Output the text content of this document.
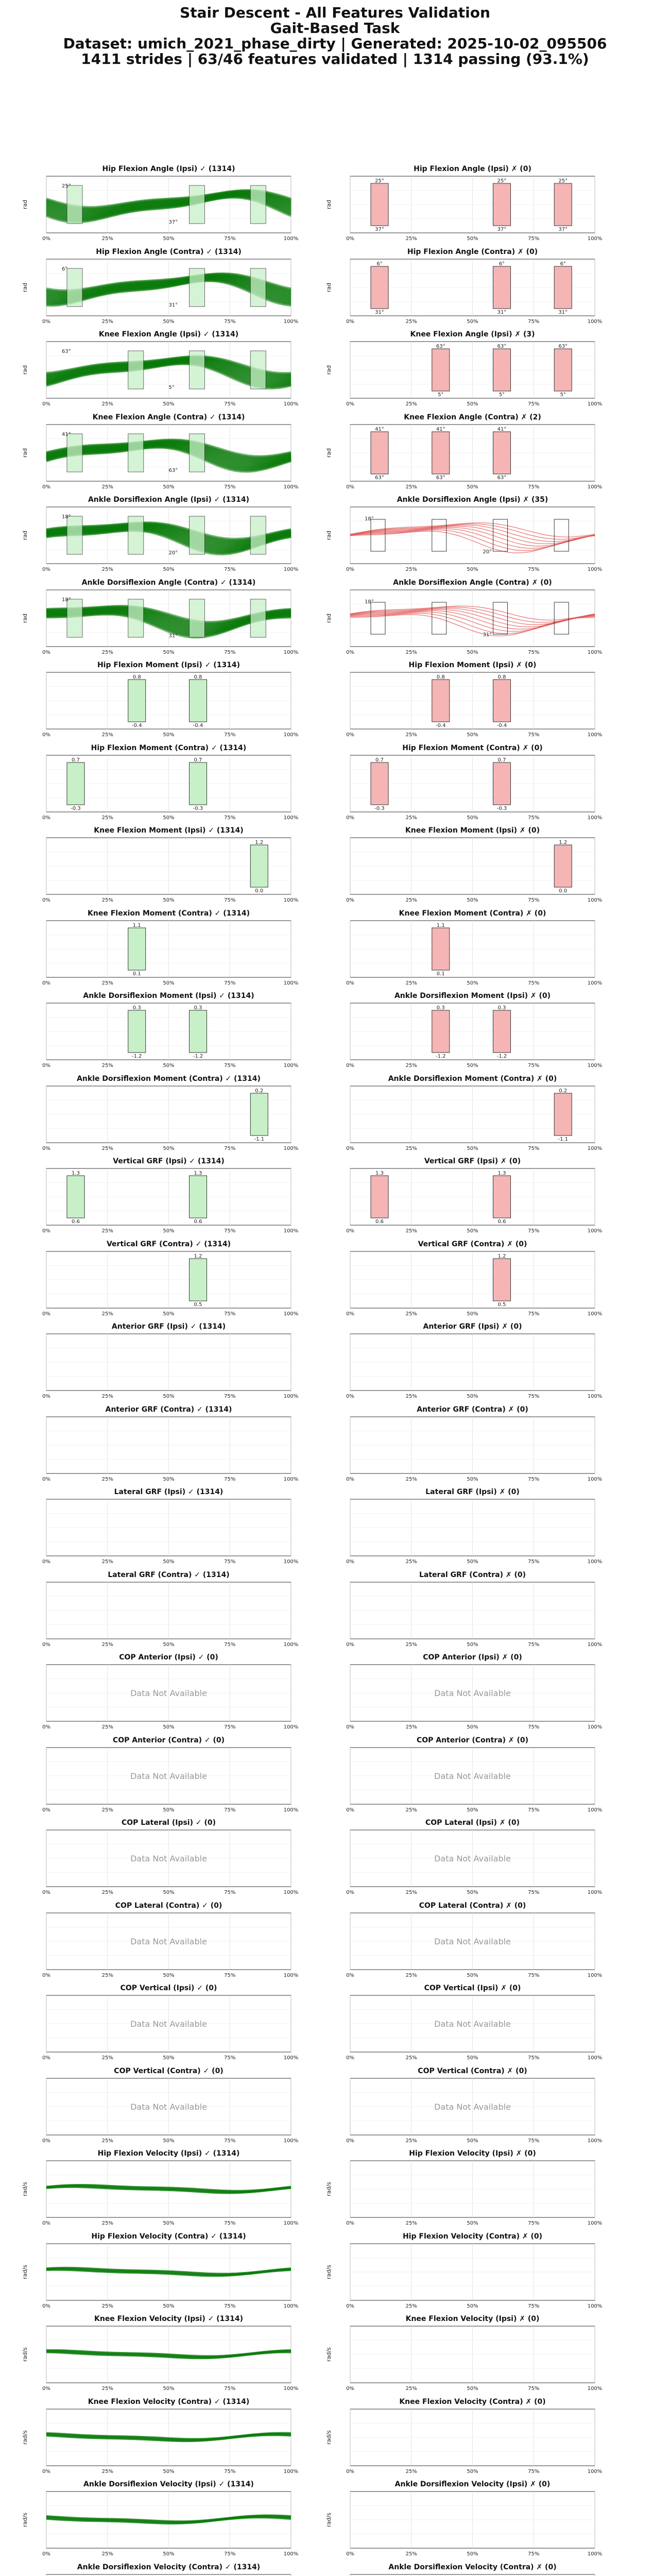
Stair Descent - All Features Validation
Gait-Based Task
Dataset: umich_2021_phase_dirty | Generated: 2025-10-02_095506
1411 strides | 63/46 features validated | 1314 passing (93.1%)
Hip Flexion Angle (Ipsi) ✓ (1314)
0%	25%	50%	75%	100%
rad
25°
37°
Hip Flexion Angle (Ipsi) ✗ (0)
0%	25%	50%	75%	100%
rad
25°
37°
25°
37°
25°
37°
Hip Flexion Angle (Contra) ✓ (1314)
0%	25%	50%	75%	100%
rad
6°
31°
Hip Flexion Angle (Contra) ✗ (0)
0%	25%	50%	75%	100%
rad
6°
31°
6°
31°
6°
31°
Knee Flexion Angle (Ipsi) ✓ (1314)
0%	25%	50%	75%	100%
rad
63°
5°
Knee Flexion Angle (Ipsi) ✗ (3)
0%	25%	50%	75%	100%
rad
63°
5°
63°
5°
63°
5°
Knee Flexion Angle (Contra) ✓ (1314)
0%	25%	50%	75%	100%
rad
41°
63°
Knee Flexion Angle (Contra) ✗ (2)
0%	25%	50%	75%	100%
rad
41°
63°
41°
63°
41°
63°
Ankle Dorsiflexion Angle (Ipsi) ✓ (1314)
0%	25%	50%	75%	100%
rad
18°
20°
Ankle Dorsiflexion Angle (Ipsi) ✗ (35)
0%	25%	50%	75%	100%
rad
18°
20°
Ankle Dorsiflexion Angle (Contra) ✓ (1314)
0%	25%	50%	75%	100%
rad
18°
31°
Ankle Dorsiflexion Angle (Contra) ✗ (0)
0%	25%	50%	75%	100%
rad
18°
31°
Hip Flexion Moment (Ipsi) ✓ (1314)
0%	25%	50%	75%	100%
0.8
-0.4
0.8
-0.4
Hip Flexion Moment (Ipsi) ✗ (0)
0%	25%	50%	75%	100%
0.8
-0.4
0.8
-0.4
Hip Flexion Moment (Contra) ✓ (1314)
0%	25%	50%	75%	100%
0.7
-0.3
0.7
-0.3
Hip Flexion Moment (Contra) ✗ (0)
0%	25%	50%	75%	100%
0.7
-0.3
0.7
-0.3
Knee Flexion Moment (Ipsi) ✓ (1314)
0%	25%	50%	75%	100%
1.2
0.0
Knee Flexion Moment (Ipsi) ✗ (0)
0%	25%	50%	75%	100%
1.2
0.0
Knee Flexion Moment (Contra) ✓ (1314)
0%	25%	50%	75%	100%
1.1
0.1
Knee Flexion Moment (Contra) ✗ (0)
0%	25%	50%	75%	100%
1.1
0.1
Ankle Dorsiflexion Moment (Ipsi) ✓ (1314)
0%	25%	50%	75%	100%
0.3
-1.2
0.3
-1.2
Ankle Dorsiflexion Moment (Ipsi) ✗ (0)
0%	25%	50%	75%	100%
0.3
-1.2
0.3
-1.2
Ankle Dorsiflexion Moment (Contra) ✓ (1314)
0%	25%	50%	75%	100%
0.2
-1.1
Ankle Dorsiflexion Moment (Contra) ✗ (0)
0%	25%	50%	75%	100%
0.2
-1.1
Vertical GRF (Ipsi) ✓ (1314)
0%	25%	50%	75%	100%
1.3
0.6
1.3
0.6
Vertical GRF (Ipsi) ✗ (0)
0%	25%	50%	75%	100%
1.3
0.6
1.3
0.6
Vertical GRF (Contra) ✓ (1314)
0%	25%	50%	75%	100%
1.2
0.5
Vertical GRF (Contra) ✗ (0)
0%	25%	50%	75%	100%
1.2
0.5
Anterior GRF (Ipsi) ✓ (1314)
0%	25%	50%	75%	100%
Anterior GRF (Ipsi) ✗ (0)
0%	25%	50%	75%	100%
Anterior GRF (Contra) ✓ (1314)
0%	25%	50%	75%	100%
Anterior GRF (Contra) ✗ (0)
0%	25%	50%	75%	100%
Lateral GRF (Ipsi) ✓ (1314)
0%	25%	50%	75%	100%
Lateral GRF (Ipsi) ✗ (0)
0%	25%	50%	75%	100%
Lateral GRF (Contra) ✓ (1314)
0%	25%	50%	75%	100%
Lateral GRF (Contra) ✗ (0)
0%	25%	50%	75%	100%
COP Anterior (Ipsi) ✓ (0)
0%	25%	50%	75%	100%
Data Not Available
COP Anterior (Ipsi) ✗ (0)
0%	25%	50%	75%	100%
Data Not Available
COP Anterior (Contra) ✓ (0)
0%	25%	50%	75%	100%
Data Not Available
COP Anterior (Contra) ✗ (0)
0%	25%	50%	75%	100%
Data Not Available
COP Lateral (Ipsi) ✓ (0)
0%	25%	50%	75%	100%
Data Not Available
COP Lateral (Ipsi) ✗ (0)
0%	25%	50%	75%	100%
Data Not Available
COP Lateral (Contra) ✓ (0)
0%	25%	50%	75%	100%
Data Not Available
COP Lateral (Contra) ✗ (0)
0%	25%	50%	75%	100%
Data Not Available
COP Vertical (Ipsi) ✓ (0)
0%	25%	50%	75%	100%
Data Not Available
COP Vertical (Ipsi) ✗ (0)
0%	25%	50%	75%	100%
Data Not Available
COP Vertical (Contra) ✓ (0)
0%	25%	50%	75%	100%
Data Not Available
COP Vertical (Contra) ✗ (0)
0%	25%	50%	75%	100%
Data Not Available
Hip Flexion Velocity (Ipsi) ✓ (1314)
0%	25%	50%	75%	100%
rad/s
Hip Flexion Velocity (Ipsi) ✗ (0)
0%	25%	50%	75%	100%
rad/s
Hip Flexion Velocity (Contra) ✓ (1314)
0%	25%	50%	75%	100%
rad/s
Hip Flexion Velocity (Contra) ✗ (0)
0%	25%	50%	75%	100%
rad/s
Knee Flexion Velocity (Ipsi) ✓ (1314)
0%	25%	50%	75%	100%
rad/s
Knee Flexion Velocity (Ipsi) ✗ (0)
0%	25%	50%	75%	100%
rad/s
Knee Flexion Velocity (Contra) ✓ (1314)
0%	25%	50%	75%	100%
rad/s
Knee Flexion Velocity (Contra) ✗ (0)
0%	25%	50%	75%	100%
rad/s
Ankle Dorsiflexion Velocity (Ipsi) ✓ (1314)
0%	25%	50%	75%	100%
rad/s
Ankle Dorsiflexion Velocity (Ipsi) ✗ (0)
0%	25%	50%	75%	100%
rad/s
Ankle Dorsiflexion Velocity (Contra) ✓ (1314)	Ankle Dorsiflexion Velocity (Contra) ✗ (0)
